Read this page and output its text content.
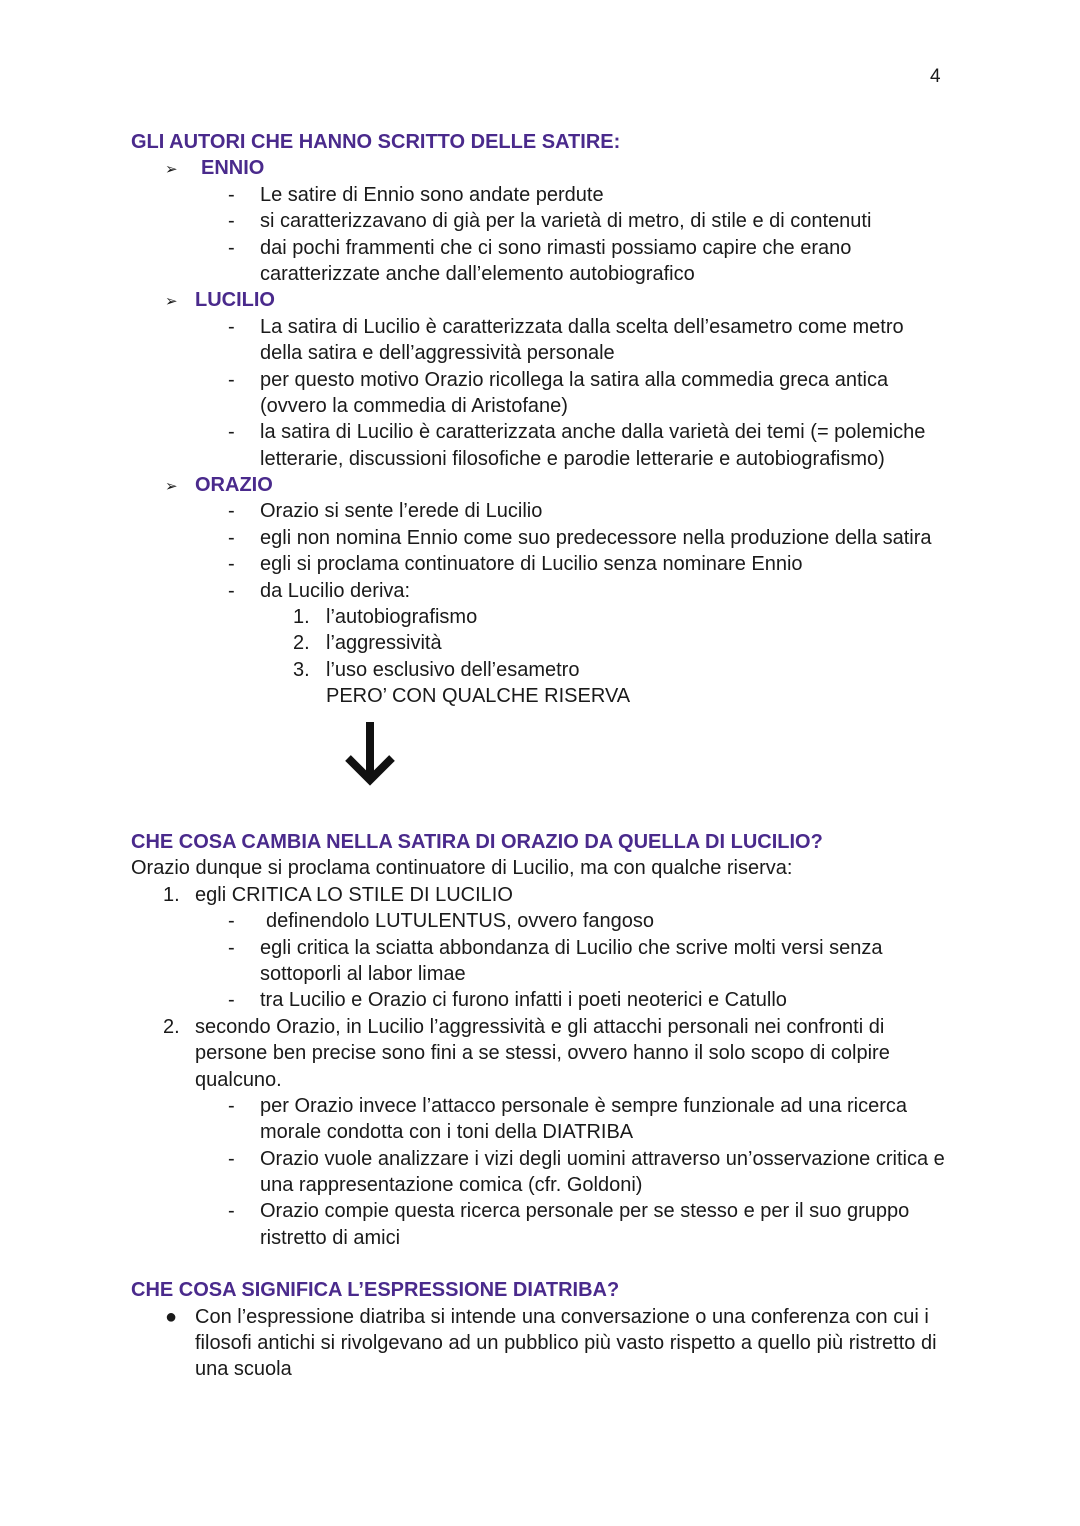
4
GLI AUTORI CHE HANNO SCRITTO DELLE SATIRE:
➢ ENNIO
- Le satire di Ennio sono andate perdute
- si caratterizzavano di già per la varietà di metro, di stile e di contenuti
- dai pochi frammenti che ci sono rimasti possiamo capire che erano
caratterizzate anche dall’elemento autobiografico
➢ LUCILIO
- La satira di Lucilio è caratterizzata dalla scelta dell’esametro come metro
della satira e dell’aggressività personale
- per questo motivo Orazio ricollega la satira alla commedia greca antica
(ovvero la commedia di Aristofane)
- la satira di Lucilio è caratterizzata anche dalla varietà dei temi (= polemiche
letterarie, discussioni filosofiche e parodie letterarie e autobiografismo)
➢ ORAZIO
- Orazio si sente l’erede di Lucilio
- egli non nomina Ennio come suo predecessore nella produzione della satira
- egli si proclama continuatore di Lucilio senza nominare Ennio
- da Lucilio deriva:
1. l’autobiografismo
2. l’aggressività
3. l’uso esclusivo dell’esametro
PERO’ CON QUALCHE RISERVA
CHE COSA CAMBIA NELLA SATIRA DI ORAZIO DA QUELLA DI LUCILIO?
Orazio dunque si proclama continuatore di Lucilio, ma con qualche riserva:
1. egli CRITICA LO STILE DI LUCILIO
- definendolo LUTULENTUS, ovvero fangoso
- egli critica la sciatta abbondanza di Lucilio che scrive molti versi senza
sottoporli al labor limae
- tra Lucilio e Orazio ci furono infatti i poeti neoterici e Catullo
2. secondo Orazio, in Lucilio l’aggressività e gli attacchi personali nei confronti di
persone ben precise sono fini a se stessi, ovvero hanno il solo scopo di colpire
qualcuno.
- per Orazio invece l’attacco personale è sempre funzionale ad una ricerca
morale condotta con i toni della DIATRIBA
- Orazio vuole analizzare i vizi degli uomini attraverso un’osservazione critica e
una rappresentazione comica (cfr. Goldoni)
- Orazio compie questa ricerca personale per se stesso e per il suo gruppo
ristretto di amici
CHE COSA SIGNIFICA L’ESPRESSIONE DIATRIBA?
● Con l’espressione diatriba si intende una conversazione o una conferenza con cui i
filosofi antichi si rivolgevano ad un pubblico più vasto rispetto a quello più ristretto di
una scuola
